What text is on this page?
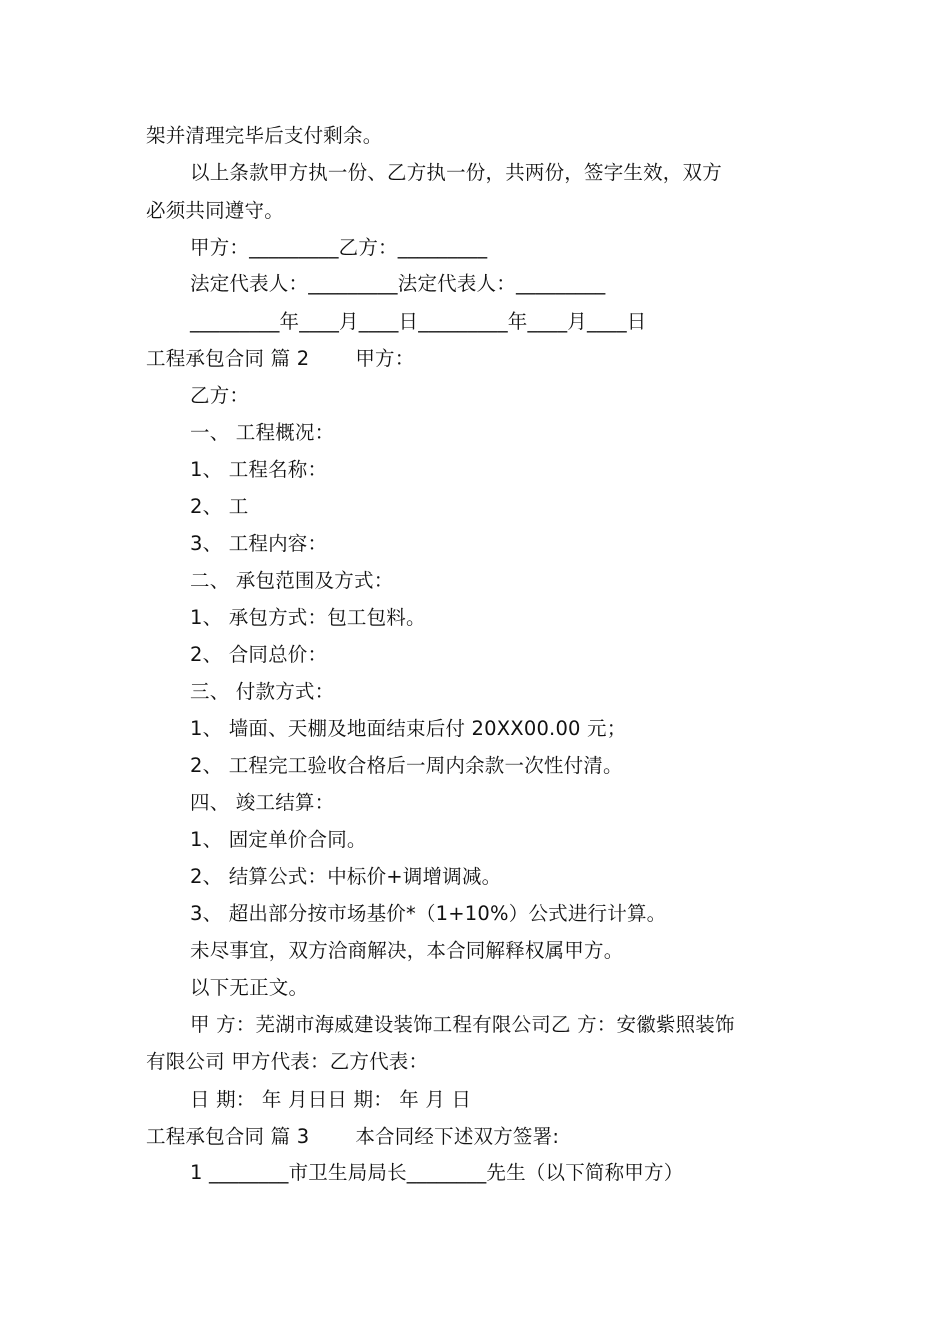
架并清理完毕后支付剩余。
以上条款甲方执一份、乙方执一份，共两份，签字生效，双方
必须共同遵守。
甲方：_________乙方：_________
法定代表人：_________法定代表人：_________
_________年____月____日_________年____月____日
工程承包合同 篇 2 甲方：
乙方：
一、 工程概况：
1、 工程名称：
2、 工
3、 工程内容：
二、 承包范围及方式：
1、 承包方式：包工包料。
2、 合同总价：
三、 付款方式：
1、 墙面、天棚及地面结束后付 20XX00.00 元；
2、 工程完工验收合格后一周内余款一次性付清。
四、 竣工结算：
1、 固定单价合同。
2、 结算公式：中标价+调增调减。
3、 超出部分按市场基价*（1+10%）公式进行计算。
未尽事宜，双方洽商解决，本合同解释权属甲方。
以下无正文。
甲 方：芜湖市海威建设装饰工程有限公司乙 方：安徽紫照装饰
有限公司 甲方代表：乙方代表：
日 期： 年 月日日 期： 年 月 日
工程承包合同 篇 3 本合同经下述双方签署:
1 ________市卫生局局长________先生（以下简称甲方）
